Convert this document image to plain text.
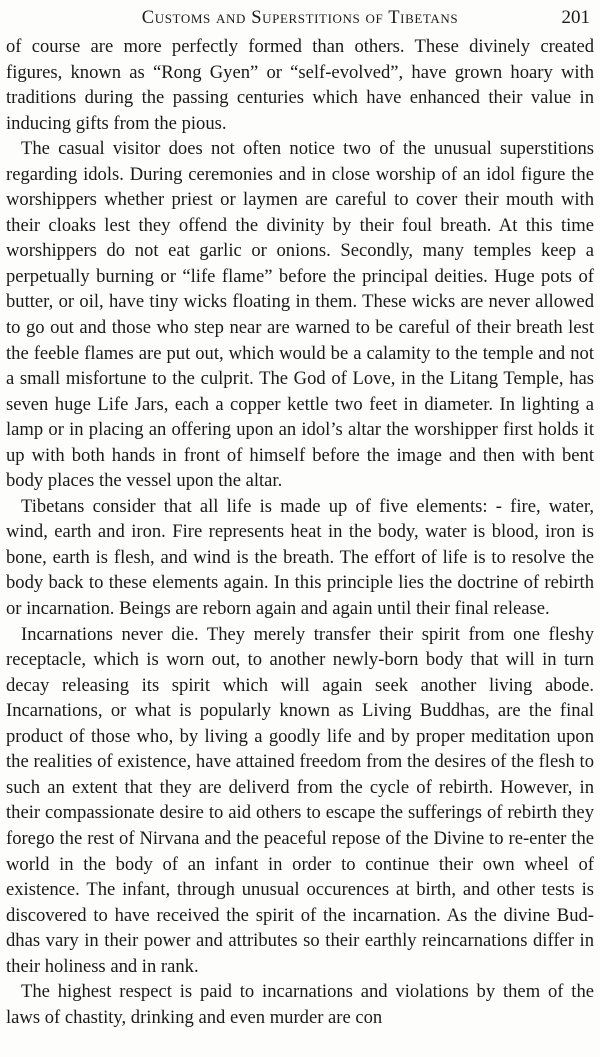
Customs and Superstitions of Tibetans	201

of course are more perfectly formed than others. These divinely created figures, known as “Rong Gyen” or “self-evolved”, have grown hoary with traditions during the passing centuries which have enhanced their value in inducing gifts from the pious.

The casual visitor does not often notice two of the unusual superstitions regarding idols. During ceremonies and in close worship of an idol figure the worshippers whether priest or laymen are careful to cover their mouth with their cloaks lest they offend the divinity by their foul breath. At this time worshippers do not eat garlic or onions. Secondly, many temples keep a perpetually burning or “life flame” before the principal deities. Huge pots of butter, or oil, have tiny wicks floating in them. These wicks are never allowed to go out and those who step near are warned to be careful of their breath lest the feeble flames are put out, which would be a calamity to the temple and not a small misfortune to the culprit. The God of Love, in the Litang Temple, has seven huge Life Jars, each a copper kettle two feet in diameter. In lighting a lamp or in placing an offering upon an idol’s altar the worshipper first holds it up with both hands in front of himself before the image and then with bent body places the vessel upon the altar.

Tibetans consider that all life is made up of five elements: - fire, water, wind, earth and iron. Fire represents heat in the body, water is blood, iron is bone, earth is flesh, and wind is the breath. The effort of life is to resolve the body back to these elements again. In this principle lies the doctrine of rebirth or incarnation. Beings are reborn again and again until their final release.

Incarnations never die. They merely transfer their spirit from one fleshy receptacle, which is worn out, to another newly-born body that will in turn decay releasing its spirit which will again seek another living abode. Incarnations, or what is popularly known as Living Buddhas, are the final product of those who, by living a goodly life and by proper meditation upon the realities of existence, have attained freedom from the desires of the flesh to such an extent that they are deliverd from the cycle of rebirth. However, in their compassionate desire to aid others to escape the sufferings of rebirth they forego the rest of Nirvana and the peaceful repose of the Divine to re-enter the world in the body of an infant in order to continue their own wheel of existence. The infant, through unusual occurences at birth, and other tests is discovered to have received the spirit of the incarnation. As the divine Buddhas vary in their power and attributes so their earthly reincarnations differ in their holiness and in rank.

The highest respect is paid to incarnations and violations by them of the laws of chastity, drinking and even murder are con
